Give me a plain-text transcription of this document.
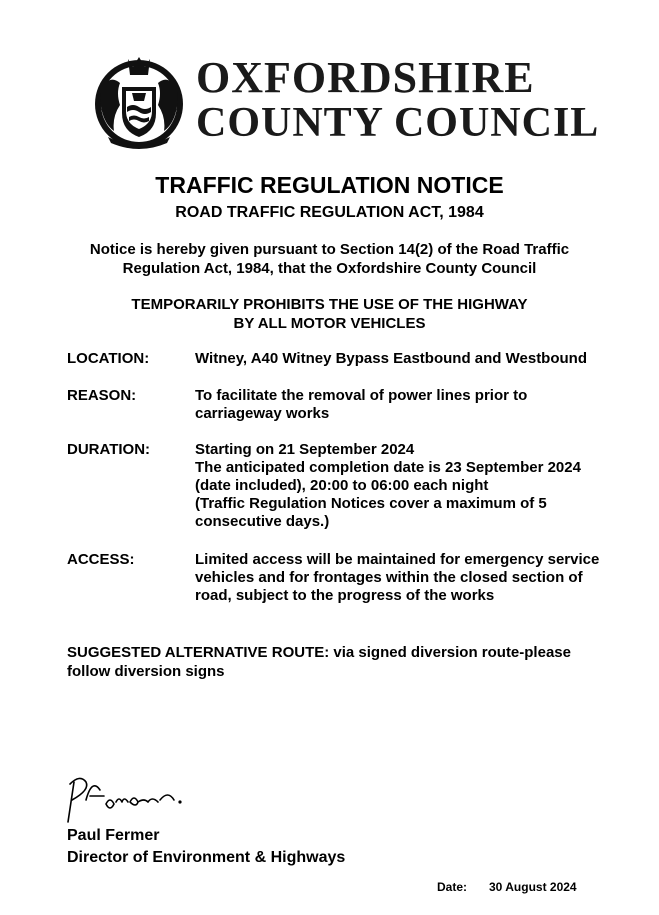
OXFORDSHIRE
COUNTY COUNCIL
TRAFFIC REGULATION NOTICE
ROAD TRAFFIC REGULATION ACT, 1984
Notice is hereby given pursuant to Section 14(2) of the Road Traffic
Regulation Act, 1984, that the Oxfordshire County Council
TEMPORARILY PROHIBITS THE USE OF THE HIGHWAY
BY ALL MOTOR VEHICLES
LOCATION:	Witney, A40 Witney Bypass Eastbound and Westbound
REASON:	To facilitate the removal of power lines prior to
carriageway works
DURATION:	Starting on 21 September 2024
The anticipated completion date is 23 September 2024
(date included), 20:00 to 06:00 each night
(Traffic Regulation Notices cover a maximum of 5
consecutive days.)
ACCESS:	Limited access will be maintained for emergency service
vehicles and for frontages within the closed section of
road, subject to the progress of the works
SUGGESTED ALTERNATIVE ROUTE: via signed diversion route-please
follow diversion signs
Paul Fermer
Director of Environment & Highways
Date: 30 August 2024
